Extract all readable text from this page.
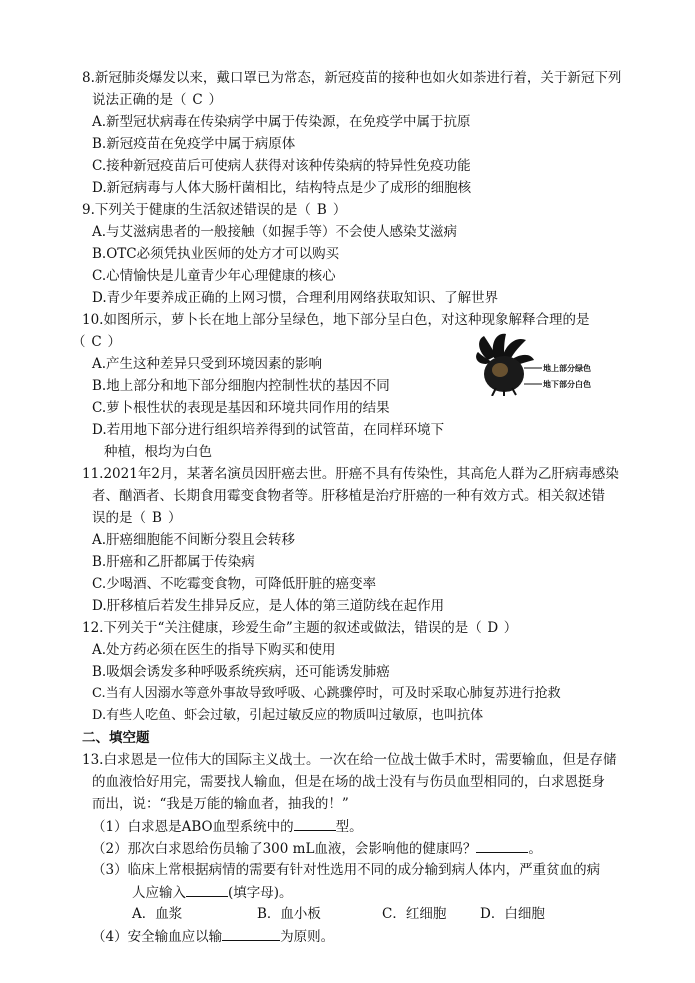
8.新冠肺炎爆发以来，戴口罩已为常态，新冠疫苗的接种也如火如荼进行着，关于新冠下列
说法正确的是（ C ）
A.新型冠状病毒在传染病学中属于传染源，在免疫学中属于抗原
B.新冠疫苗在免疫学中属于病原体
C.接种新冠疫苗后可使病人获得对该种传染病的特异性免疫功能
D.新冠病毒与人体大肠杆菌相比，结构特点是少了成形的细胞核
9.下列关于健康的生活叙述错误的是（ B ）
A.与艾滋病患者的一般接触（如握手等）不会使人感染艾滋病
B.OTC必须凭执业医师的处方才可以购买
C.心情愉快是儿童青少年心理健康的核心
D.青少年要养成正确的上网习惯，合理利用网络获取知识、了解世界
10.如图所示，萝卜长在地上部分呈绿色，地下部分呈白色，对这种现象解释合理的是
（ C ）
A.产生这种差异只受到环境因素的影响
B.地上部分和地下部分细胞内控制性状的基因不同
C.萝卜根性状的表现是基因和环境共同作用的结果
D.若用地下部分进行组织培养得到的试管苗，在同样环境下
种植，根均为白色
地上部分绿色
地下部分白色
11.2021年2月，某著名演员因肝癌去世。肝癌不具有传染性，其高危人群为乙肝病毒感染
者、酗酒者、长期食用霉变食物者等。肝移植是治疗肝癌的一种有效方式。相关叙述错
误的是（ B ）
A.肝癌细胞能不间断分裂且会转移
B.肝癌和乙肝都属于传染病
C.少喝酒、不吃霉变食物，可降低肝脏的癌变率
D.肝移植后若发生排异反应，是人体的第三道防线在起作用
12.下列关于“关注健康，珍爱生命”主题的叙述或做法，错误的是（ D ）
A.处方药必须在医生的指导下购买和使用
B.吸烟会诱发多种呼吸系统疾病，还可能诱发肺癌
C.当有人因溺水等意外事故导致呼吸、心跳骤停时，可及时采取心肺复苏进行抢救
D.有些人吃鱼、虾会过敏，引起过敏反应的物质叫过敏原，也叫抗体
二、填空题
13.白求恩是一位伟大的国际主义战士。一次在给一位战士做手术时，需要输血，但是存储
的血液恰好用完，需要找人输血，但是在场的战士没有与伤员血型相同的，白求恩挺身
而出，说：“我是万能的输血者，抽我的！”
（1）白求恩是ABO血型系统中的	型。
（2）那次白求恩给伤员输了300 mL血液，会影响他的健康吗？	。
（3）临床上常根据病情的需要有针对性选用不同的成分输到病人体内，严重贫血的病
人应输入	(填字母)。
A．血浆	B．血小板	C．红细胞 D．白细胞
（4）安全输血应以输	为原则。
